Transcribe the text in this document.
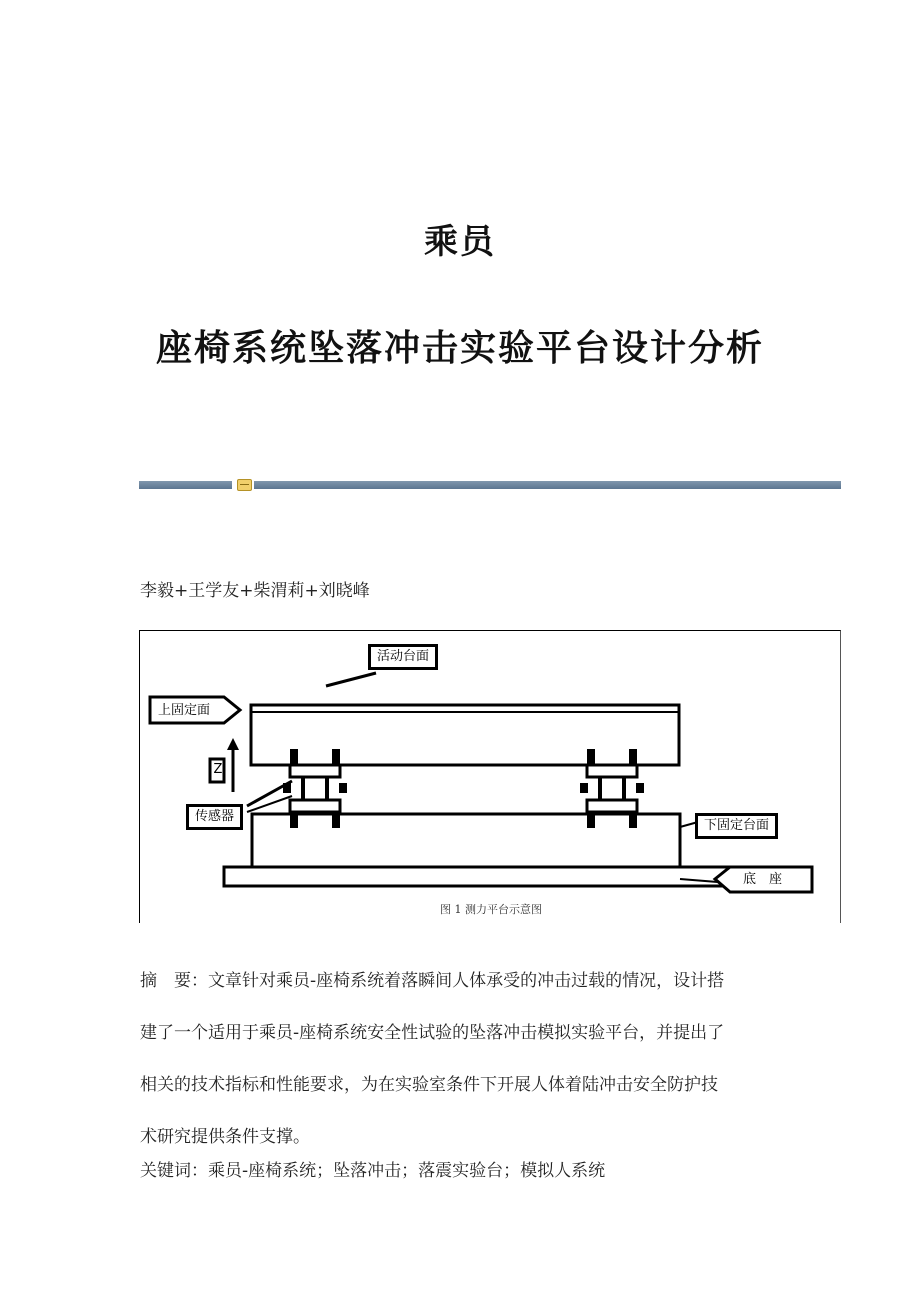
乘员
座椅系统坠落冲击实验平台设计分析
李毅+王学友+柴渭莉+刘晓峰
活动台面
上固定面
Z
传感器
下固定台面
底　座
图 1 测力平台示意图

摘　要：文章针对乘员-座椅系统着落瞬间人体承受的冲击过载的情况，设计搭

建了一个适用于乘员-座椅系统安全性试验的坠落冲击模拟实验平台，并提出了

相关的技术指标和性能要求，为在实验室条件下开展人体着陆冲击安全防护技

术研究提供条件支撑。

关键词：乘员-座椅系统；坠落冲击；落震实验台；模拟人系统
